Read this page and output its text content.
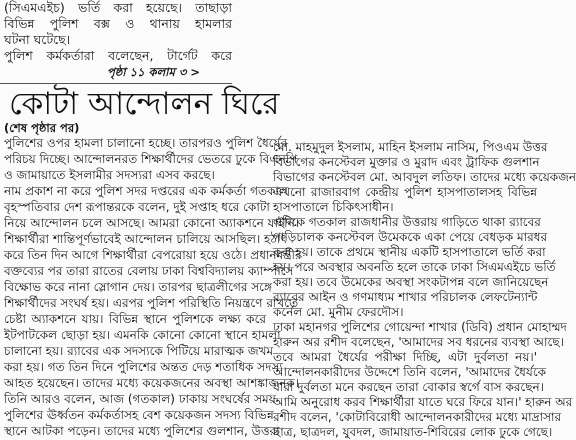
(সিএমএইচ) ভর্তি করা হয়েছে। তাছাড়া
বিভিন্ন পুলিশ বক্স ও থানায় হামলার
ঘটনা ঘটেছে।
পুলিশ কর্মকর্তারা বলেছেন, টার্গেট করে
পৃষ্ঠা ১১ কলাম ৩ >
কোটা আন্দোলন ঘিরে
(শেষ পৃষ্ঠার পর)
পুলিশের ওপর হামলা চালানো হচ্ছে। তারপরও পুলিশ ধৈর্যের
পরিচয় দিচ্ছে। আন্দোলনরত শিক্ষার্থীদের ভেতরে ঢুকে বিএনপি
ও জামায়াতে ইসলামীর সদস্যরা এসব করছে।
নাম প্রকাশ না করে পুলিশ সদর দপ্তরের এক কর্মকর্তা গতকাল
বৃহস্পতিবার দেশ রূপান্তরকে বলেন, দুই সপ্তাহ ধরে কোটা
নিয়ে আন্দোলন চলে আসছে। আমরা কোনো অ্যাকশনে যাইনি।
শিক্ষার্থীরা শান্তিপূর্ণভাবেই আন্দোলন চালিয়ে আসছিল। হঠাৎ
করে তিন দিন আগে শিক্ষার্থীরা বেপরোয়া হয়ে ওঠে। প্রধানমন্ত্রীর
বক্তব্যের পর তারা রাতের বেলায় ঢাকা বিশ্ববিদ্যালয় ক্যাম্পাসে
বিক্ষোভ করে নানা স্লোগান দেয়। তারপর ছাত্রলীগের সঙ্গে
শিক্ষার্থীদের সংঘর্ষ হয়। এরপর পুলিশ পরিস্থিতি নিয়ন্ত্রণে রাখতে
চেষ্টা অ্যাকশনে যায়। বিভিন্ন স্থানে পুলিশকে লক্ষ্য করে
ইটপাটকেল ছোড়া হয়। এমনকি কোনো কোনো স্থানে হামলা
চালানো হয়। র‍্যাবের এক সদস্যকে পিটিয়ে মারাত্মক জখম
করা হয়। গত তিন দিনে পুলিশের অন্তত দেড় শতাধিক সদস্য
আহত হয়েছেন। তাদের মধ্যে কয়েকজনের অবস্থা আশঙ্কাজনক।
তিনি আরও বলেন, আজ (গতকাল) ঢাকায় সংঘর্ষের সময়
পুলিশের ঊর্ধ্বতন কর্মকর্তাসহ বেশ কয়েকজন সদস্য বিভিন্ন
স্থানে আটকা পড়েন। তাদের মধ্যে পুলিশের গুলশান, উত্তরা
মো. মাহমুদুল ইসলাম, মাহিন ইসলাম নাসিম, পিওএম উত্তর
বিভাগের কনস্টেবল মুক্তার ও মুরাদ এবং ট্রাফিক গুলশান
বিভাগের কনস্টেবল মো. আবদুল লতিফ। তাদের মধ্যে কয়েকজন
এখনো রাজারবাগ কেন্দ্রীয় পুলিশ হাসপাতালসহ বিভিন্ন
হাসপাতালে চিকিৎসাধীন।
এদিকে গতকাল রাজধানীর উত্তরায় গাড়িতে থাকা র‍্যাবের
গাড়িচালক কনস্টেবল উমেককে একা পেয়ে বেধড়ক মারধর
করা হয়। তাকে প্রথমে স্থানীয় একটি হাসপাতালে ভর্তি করা
হয়। পরে অবস্থার অবনতি হলে তাকে ঢাকা সিএমএইচে ভর্তি
করা হয়। তবে উমেকের অবস্থা সংকটাপন্ন বলে জানিয়েছেন
র‍্যাবের আইন ও গণমাধ্যম শাখার পরিচালক লেফটেন্যান্ট
কর্নেল মো. মুনীম ফেরদৌস।
ঢাকা মহানগর পুলিশের গোয়েন্দা শাখার (ডিবি) প্রধান মোহাম্মদ
হারুন অর রশীদ বলেছেন, 'আমাদের সব ধরনের ব্যবস্থা আছে।
তবে আমরা ধৈর্যের পরীক্ষা দিচ্ছি, এটা দুর্বলতা নয়।'
আন্দোলনকারীদের উদ্দেশে তিনি বলেন, 'আমাদের ধৈর্যকে
যারা দুর্বলতা মনে করছেন তারা বোকার স্বর্গে বাস করছেন।
আমি অনুরোধ করব শিক্ষার্থীরা যাতে ঘরে ফিরে যান।' হারুন অর
রশীদ বলেন, 'কোটাবিরোধী আন্দোলনকারীদের মধ্যে মাদ্রাসার
ছাত্র, ছাত্রদল, যুবদল, জামায়াত-শিবিরের লোক ঢুকে গেছে।
